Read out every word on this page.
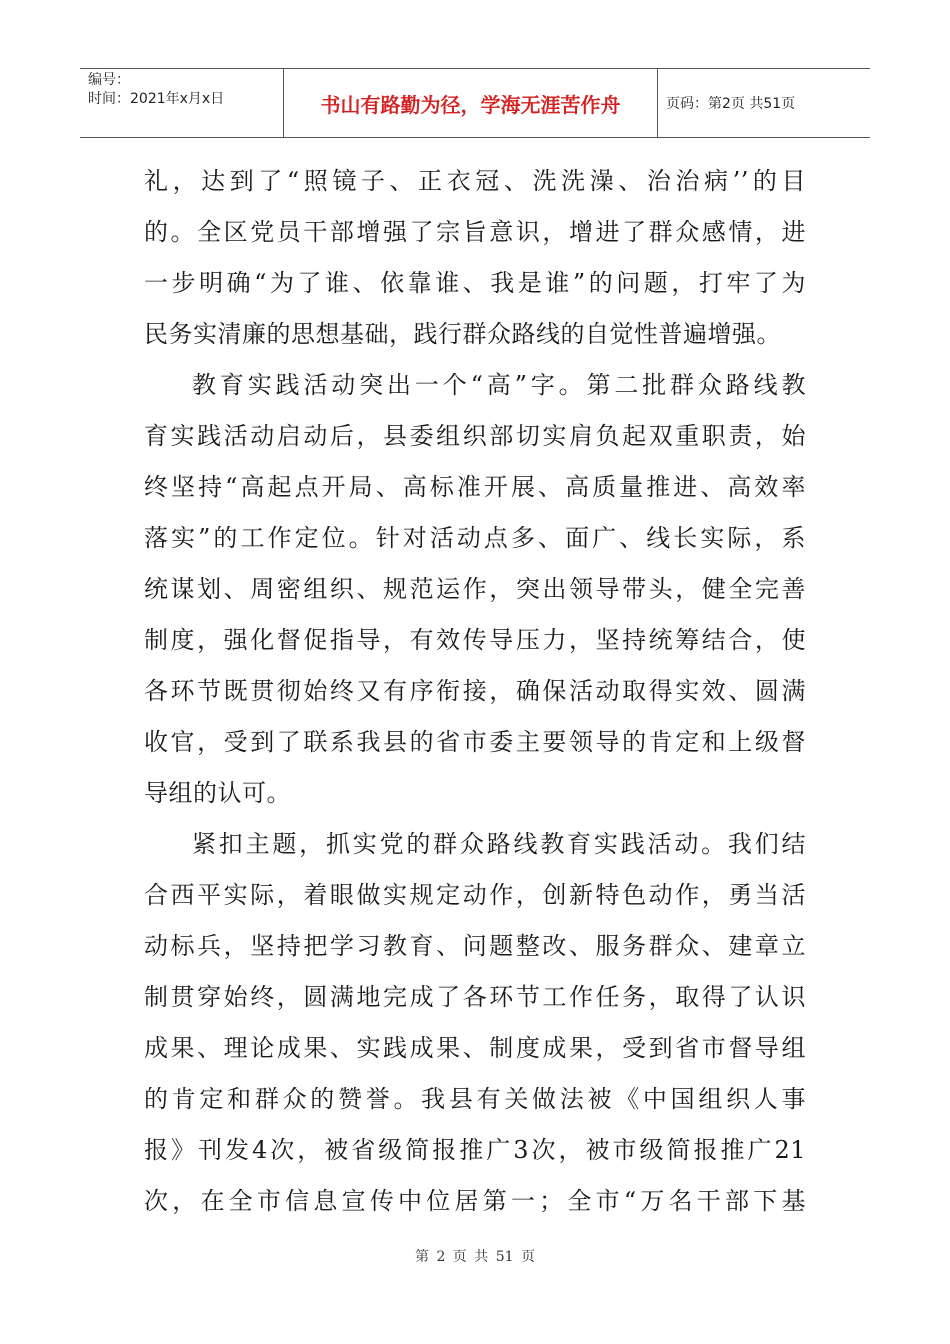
编号：
时间：2021年x月x日	书山有路勤为径，学海无涯苦作舟	页码：第2页 共51页
礼，达到了“照镜子、正衣冠、洗洗澡、治治病’’的目
的。全区党员干部增强了宗旨意识，增进了群众感情，进
一步明确“为了谁、依靠谁、我是谁”的问题，打牢了为
民务实清廉的思想基础，践行群众路线的自觉性普遍增强。
教育实践活动突出一个“高”字。第二批群众路线教
育实践活动启动后，县委组织部切实肩负起双重职责，始
终坚持“高起点开局、高标准开展、高质量推进、高效率
落实”的工作定位。针对活动点多、面广、线长实际，系
统谋划、周密组织、规范运作，突出领导带头，健全完善
制度，强化督促指导，有效传导压力，坚持统筹结合，使
各环节既贯彻始终又有序衔接，确保活动取得实效、圆满
收官，受到了联系我县的省市委主要领导的肯定和上级督
导组的认可。
紧扣主题，抓实党的群众路线教育实践活动。我们结
合西平实际，着眼做实规定动作，创新特色动作，勇当活
动标兵，坚持把学习教育、问题整改、服务群众、建章立
制贯穿始终，圆满地完成了各环节工作任务，取得了认识
成果、理论成果、实践成果、制度成果，受到省市督导组
的肯定和群众的赞誉。我县有关做法被《中国组织人事
报》刊发4次，被省级简报推广3次，被市级简报推广21
次，在全市信息宣传中位居第一；全市“万名干部下基
第 2 页 共 51 页
